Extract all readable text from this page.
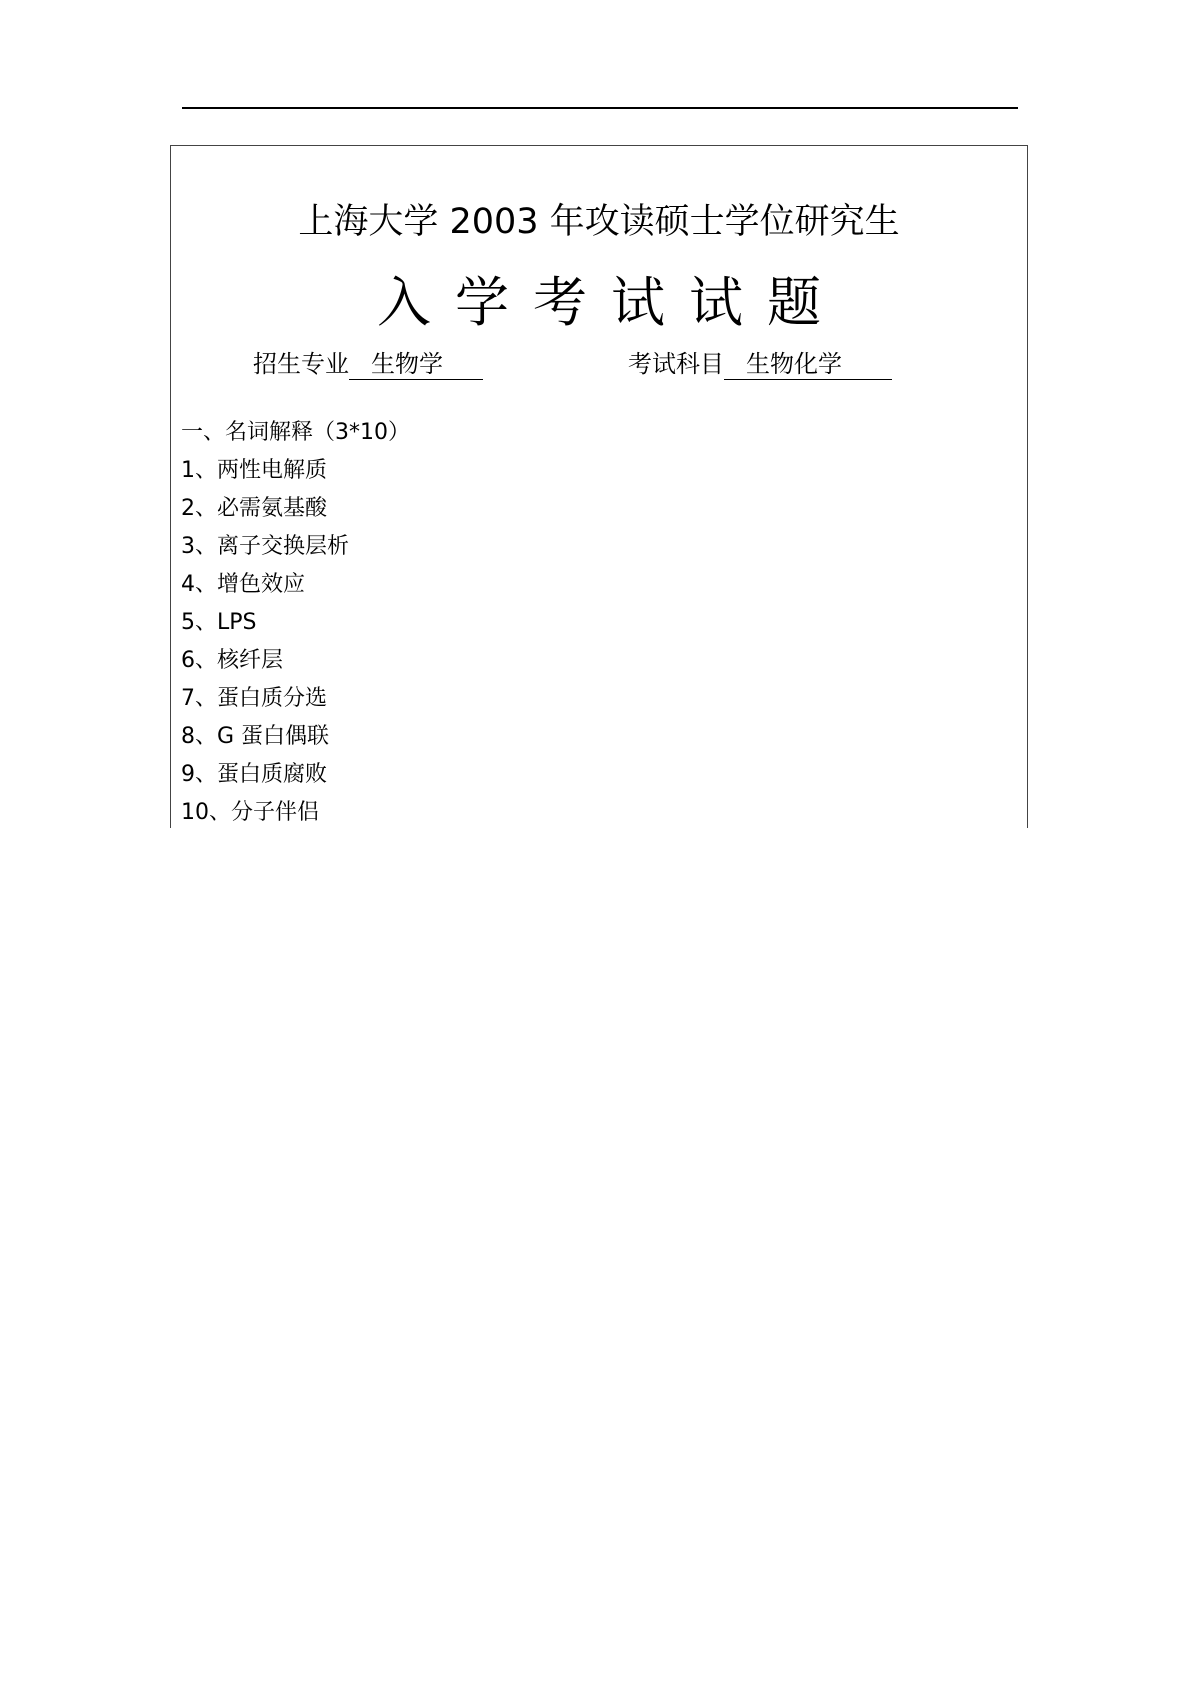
上海大学 2003 年攻读硕士学位研究生
入 学 考 试 试 题
招生专业 生物学	考试科目 生物化学
一、名词解释（3*10）
1、两性电解质
2、必需氨基酸
3、离子交换层析
4、增色效应
5、LPS
6、核纤层
7、蛋白质分选
8、G 蛋白偶联
9、蛋白质腐败
10、分子伴侣
